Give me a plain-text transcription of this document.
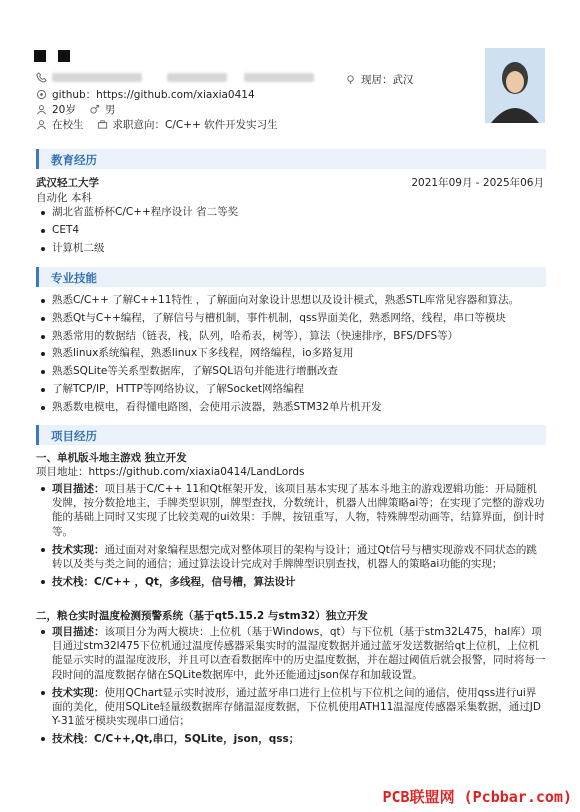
现居：武汉
github：https://github.com/xiaxia0414
20岁	男
在校生	求职意向：C/C++ 软件开发实习生
教育经历
武汉轻工大学	2021年09月 - 2025年06月
自动化 本科
湖北省蓝桥杯C/C++程序设计 省二等奖
CET4
计算机二级
专业技能
熟悉C/C++ 了解C++11特性 ，了解面向对象设计思想以及设计模式，熟悉STL库常见容器和算法。
熟悉Qt与C++编程，了解信号与槽机制，事件机制，qss界面美化，熟悉网络，线程，串口等模块
熟悉常用的数据结（链表，栈，队列，哈希表，树等），算法（快速排序，BFS/DFS等）
熟悉linux系统编程，熟悉linux下多线程，网络编程，io多路复用
熟悉SQLite等关系型数据库，了解SQL语句并能进行增删改查
了解TCP/IP，HTTP等网络协议，了解Socket网络编程
熟悉数电模电，看得懂电路图，会使用示波器，熟悉STM32单片机开发
项目经历
一、单机版斗地主游戏 独立开发
项目地址：https://github.com/xiaxia0414/LandLords
项目描述：项目基于C/C++ 11和Qt框架开发，该项目基本实现了基本斗地主的游戏逻辑功能：开局随机发牌，按分数抢地主，手牌类型识别，牌型查找，分数统计，机器人出牌策略ai等；在实现了完整的游戏功能的基础上同时又实现了比较美观的ui效果：手牌，按钮重写，人物，特殊牌型动画等，结算界面，倒计时等。
技术实现：通过面对对象编程思想完成对整体项目的架构与设计；通过Qt信号与槽实现游戏不同状态的跳转以及类与类之间的通信；通过算法设计完成对手牌牌型识别查找，机器人的策略ai功能的实现；
技术栈：C/C++ ，Qt，多线程，信号槽，算法设计
二，粮仓实时温度检测预警系统（基于qt5.15.2 与stm32）独立开发
项目描述：该项目分为两大模块：上位机（基于Windows，qt）与下位机（基于stm32L475，hal库）项目通过stm32l475下位机通过温度传感器采集实时的温湿度数据并通过蓝牙发送数据给qt上位机，上位机能显示实时的温湿度波形，并且可以查看数据库中的历史温度数据，并在超过阈值后就会报警，同时将每一段时间的温度数据存储在SQLite数据库中，此外还能通过json保存和加载设置。
技术实现：使用QChart显示实时波形，通过蓝牙串口进行上位机与下位机之间的通信，使用qss进行ui界面的美化，使用SQLite轻量级数据库存储温湿度数据，下位机使用ATH11温湿度传感器采集数据，通过JDY-31蓝牙模块实现串口通信；
技术栈：C/C++,Qt,串口，SQLite，json，qss；
PCB联盟网 (Pcbbar.com)
